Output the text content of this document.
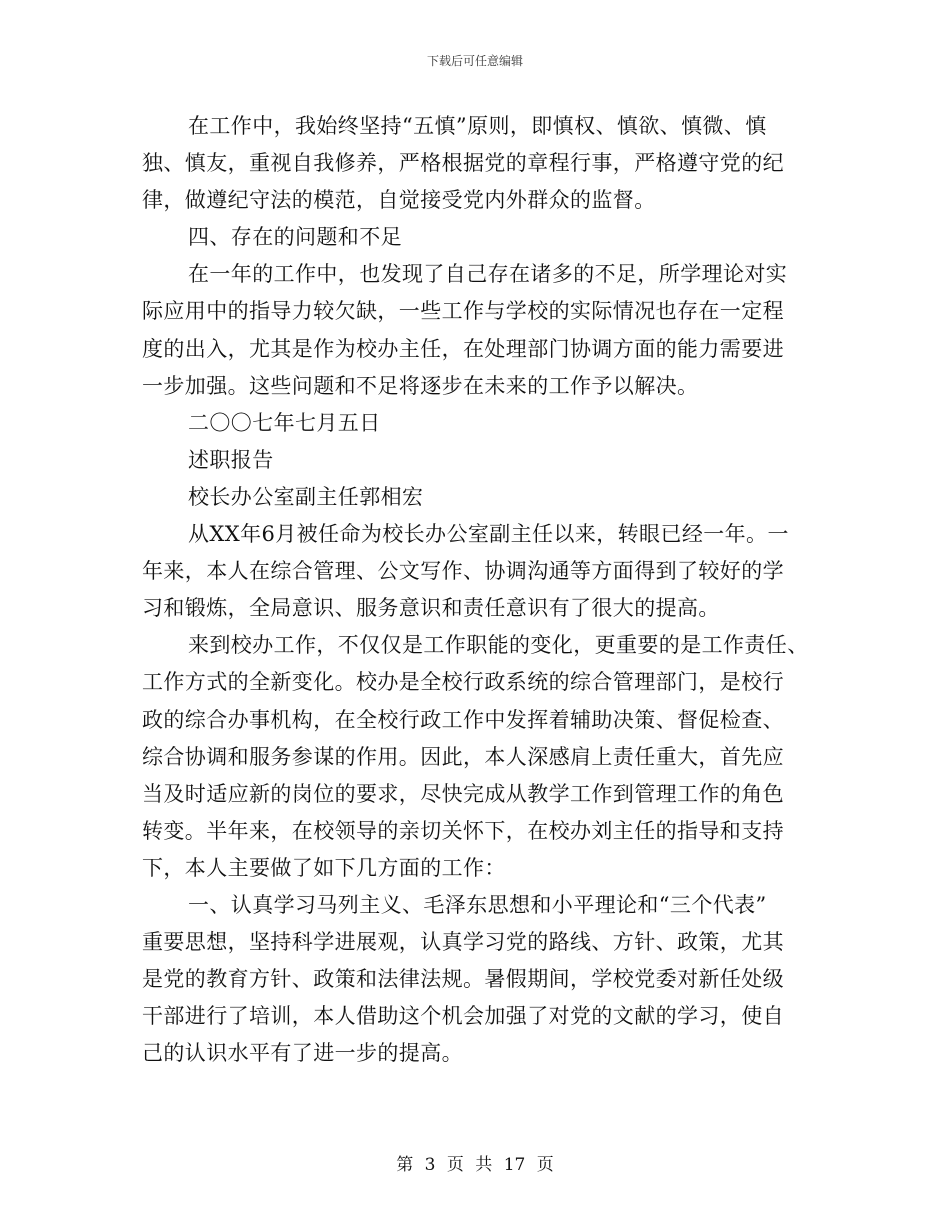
下载后可任意编辑
在工作中，我始终坚持“五慎”原则，即慎权、慎欲、慎微、慎
独、慎友，重视自我修养，严格根据党的章程行事，严格遵守党的纪
律，做遵纪守法的模范，自觉接受党内外群众的监督。
四、存在的问题和不足
在一年的工作中，也发现了自己存在诸多的不足，所学理论对实
际应用中的指导力较欠缺，一些工作与学校的实际情况也存在一定程
度的出入，尤其是作为校办主任，在处理部门协调方面的能力需要进
一步加强。这些问题和不足将逐步在未来的工作予以解决。
二〇〇七年七月五日
述职报告
校长办公室副主任郭相宏
从XX年6月被任命为校长办公室副主任以来，转眼已经一年。一
年来，本人在综合管理、公文写作、协调沟通等方面得到了较好的学
习和锻炼，全局意识、服务意识和责任意识有了很大的提高。
来到校办工作，不仅仅是工作职能的变化，更重要的是工作责任、
工作方式的全新变化。校办是全校行政系统的综合管理部门，是校行
政的综合办事机构，在全校行政工作中发挥着辅助决策、督促检查、
综合协调和服务参谋的作用。因此，本人深感肩上责任重大，首先应
当及时适应新的岗位的要求，尽快完成从教学工作到管理工作的角色
转变。半年来，在校领导的亲切关怀下，在校办刘主任的指导和支持
下，本人主要做了如下几方面的工作：
一、认真学习马列主义、毛泽东思想和小平理论和“三个代表”
重要思想，坚持科学进展观，认真学习党的路线、方针、政策，尤其
是党的教育方针、政策和法律法规。暑假期间，学校党委对新任处级
干部进行了培训，本人借助这个机会加强了对党的文献的学习，使自
己的认识水平有了进一步的提高。
第 3 页 共 17 页
